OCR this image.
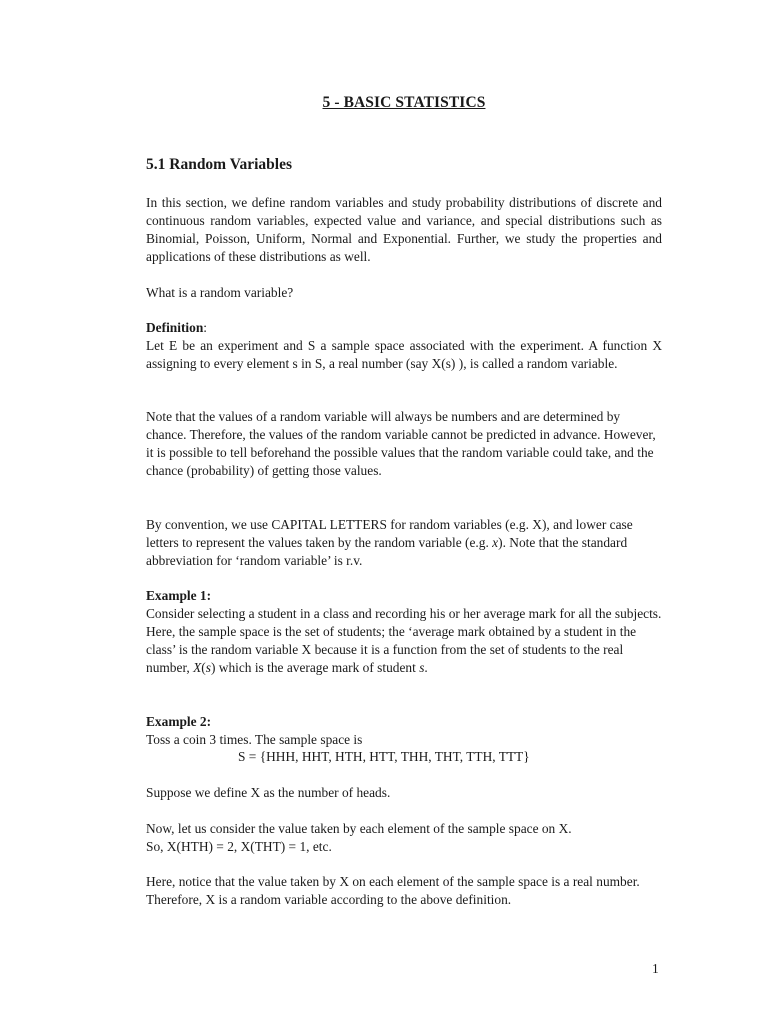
5 - BASIC STATISTICS
5.1 Random Variables

In this section, we define random variables and study probability distributions of discrete and continuous random variables, expected value and variance, and special distributions such as Binomial, Poisson, Uniform, Normal and Exponential. Further, we study the properties and applications of these distributions as well.

What is a random variable?

Definition:

Let E be an experiment and S a sample space associated with the experiment. A function X assigning to every element s in S, a real number (say X(s) ), is called a random variable.

Note that the values of a random variable will always be numbers and are determined by chance. Therefore, the values of the random variable cannot be predicted in advance. However, it is possible to tell beforehand the possible values that the random variable could take, and the chance (probability) of getting those values.

By convention, we use CAPITAL LETTERS for random variables (e.g. X), and lower case letters to represent the values taken by the random variable (e.g. x). Note that the standard abbreviation for ‘random variable’ is r.v.

Example 1:

Consider selecting a student in a class and recording his or her average mark for all the subjects. Here, the sample space is the set of students; the ‘average mark obtained by a student in the class’ is the random variable X because it is a function from the set of students to the real number, X(s) which is the average mark of student s.

Example 2:

Toss a coin 3 times. The sample space is

S = {HHH, HHT, HTH, HTT, THH, THT, TTH, TTT}

Suppose we define X as the number of heads.

Now, let us consider the value taken by each element of the sample space on X.

So, X(HTH) = 2, X(THT) = 1, etc.

Here, notice that the value taken by X on each element of the sample space is a real number. Therefore, X is a random variable according to the above definition.

1
